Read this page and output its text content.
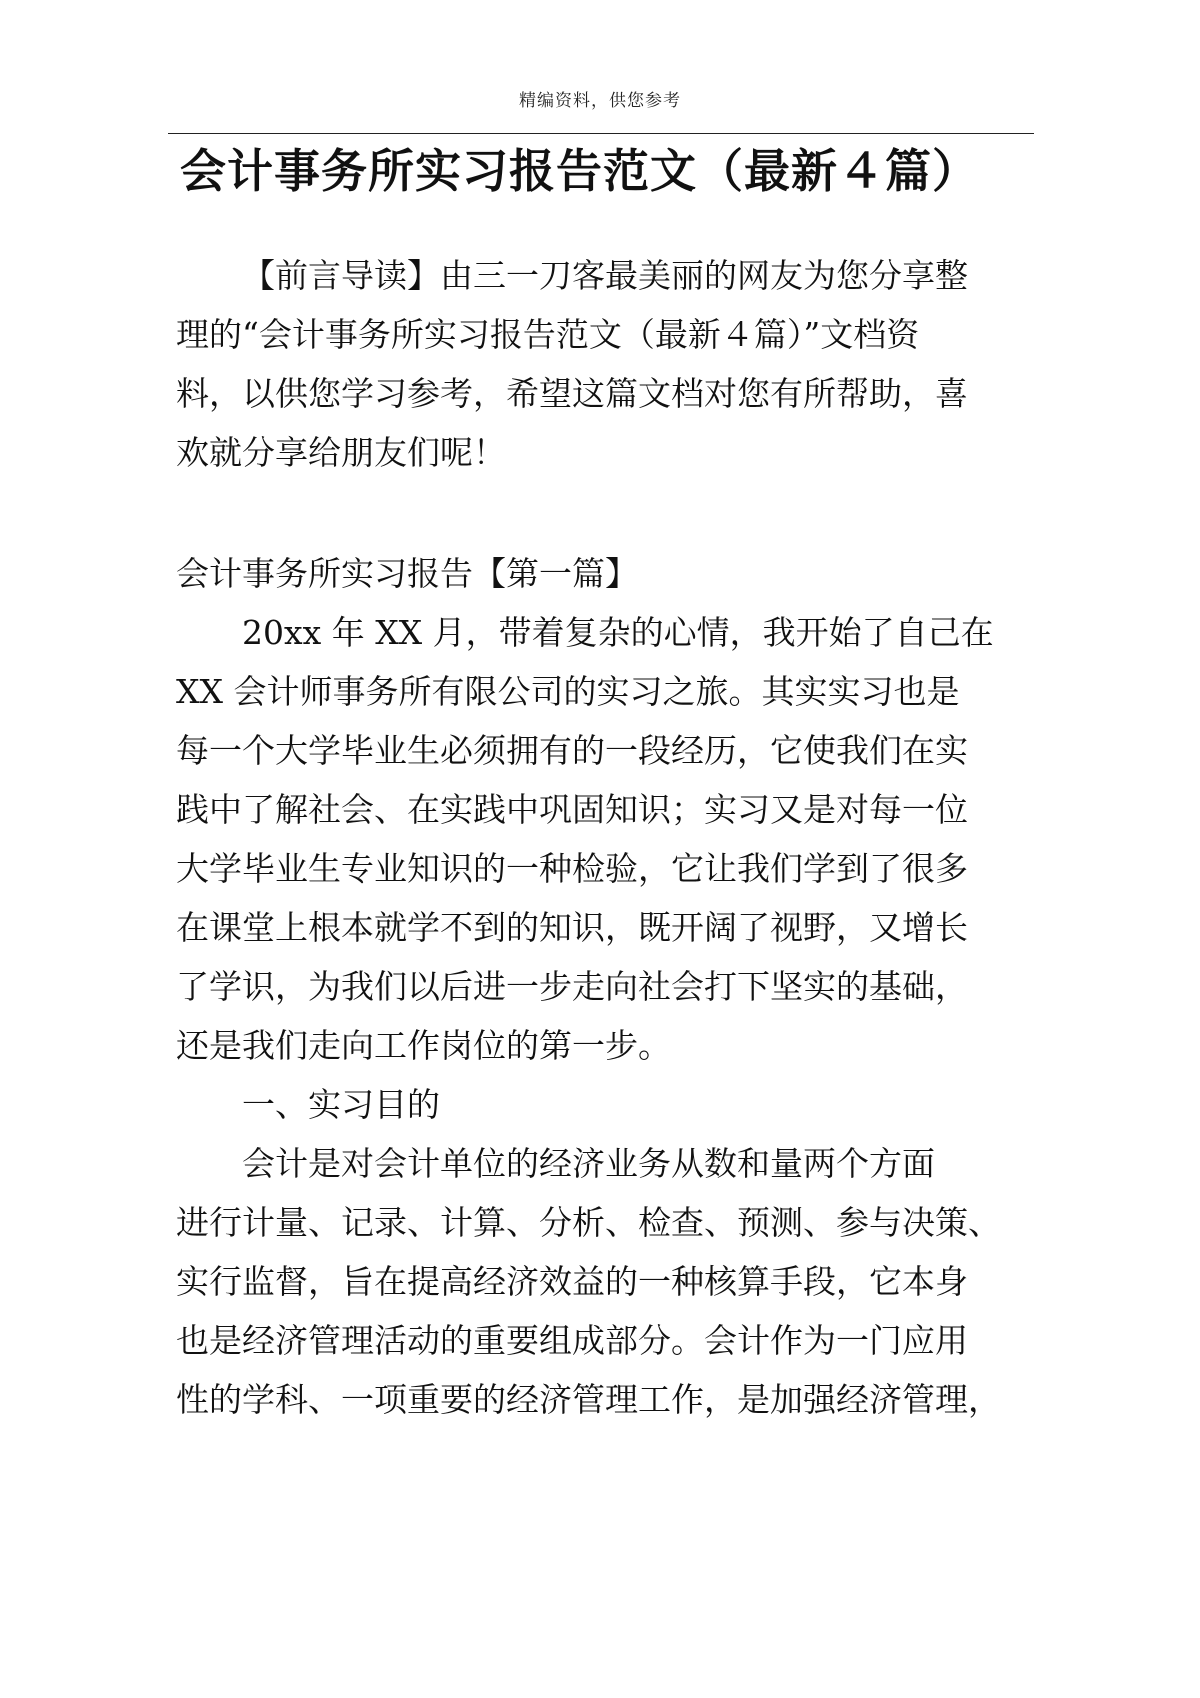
精编资料，供您参考
会计事务所实习报告范文（最新４篇）
【前言导读】由三一刀客最美丽的网友为您分享整
理的“会计事务所实习报告范文（最新４篇）”文档资
料，以供您学习参考，希望这篇文档对您有所帮助，喜
欢就分享给朋友们呢！
会计事务所实习报告【第一篇】
20xx 年 XX 月，带着复杂的心情，我开始了自己在
XX 会计师事务所有限公司的实习之旅。其实实习也是
每一个大学毕业生必须拥有的一段经历，它使我们在实
践中了解社会、在实践中巩固知识；实习又是对每一位
大学毕业生专业知识的一种检验，它让我们学到了很多
在课堂上根本就学不到的知识，既开阔了视野，又增长
了学识，为我们以后进一步走向社会打下坚实的基础，
还是我们走向工作岗位的第一步。
一、实习目的
会计是对会计单位的经济业务从数和量两个方面
进行计量、记录、计算、分析、检查、预测、参与决策、
实行监督，旨在提高经济效益的一种核算手段，它本身
也是经济管理活动的重要组成部分。会计作为一门应用
性的学科、一项重要的经济管理工作，是加强经济管理，
